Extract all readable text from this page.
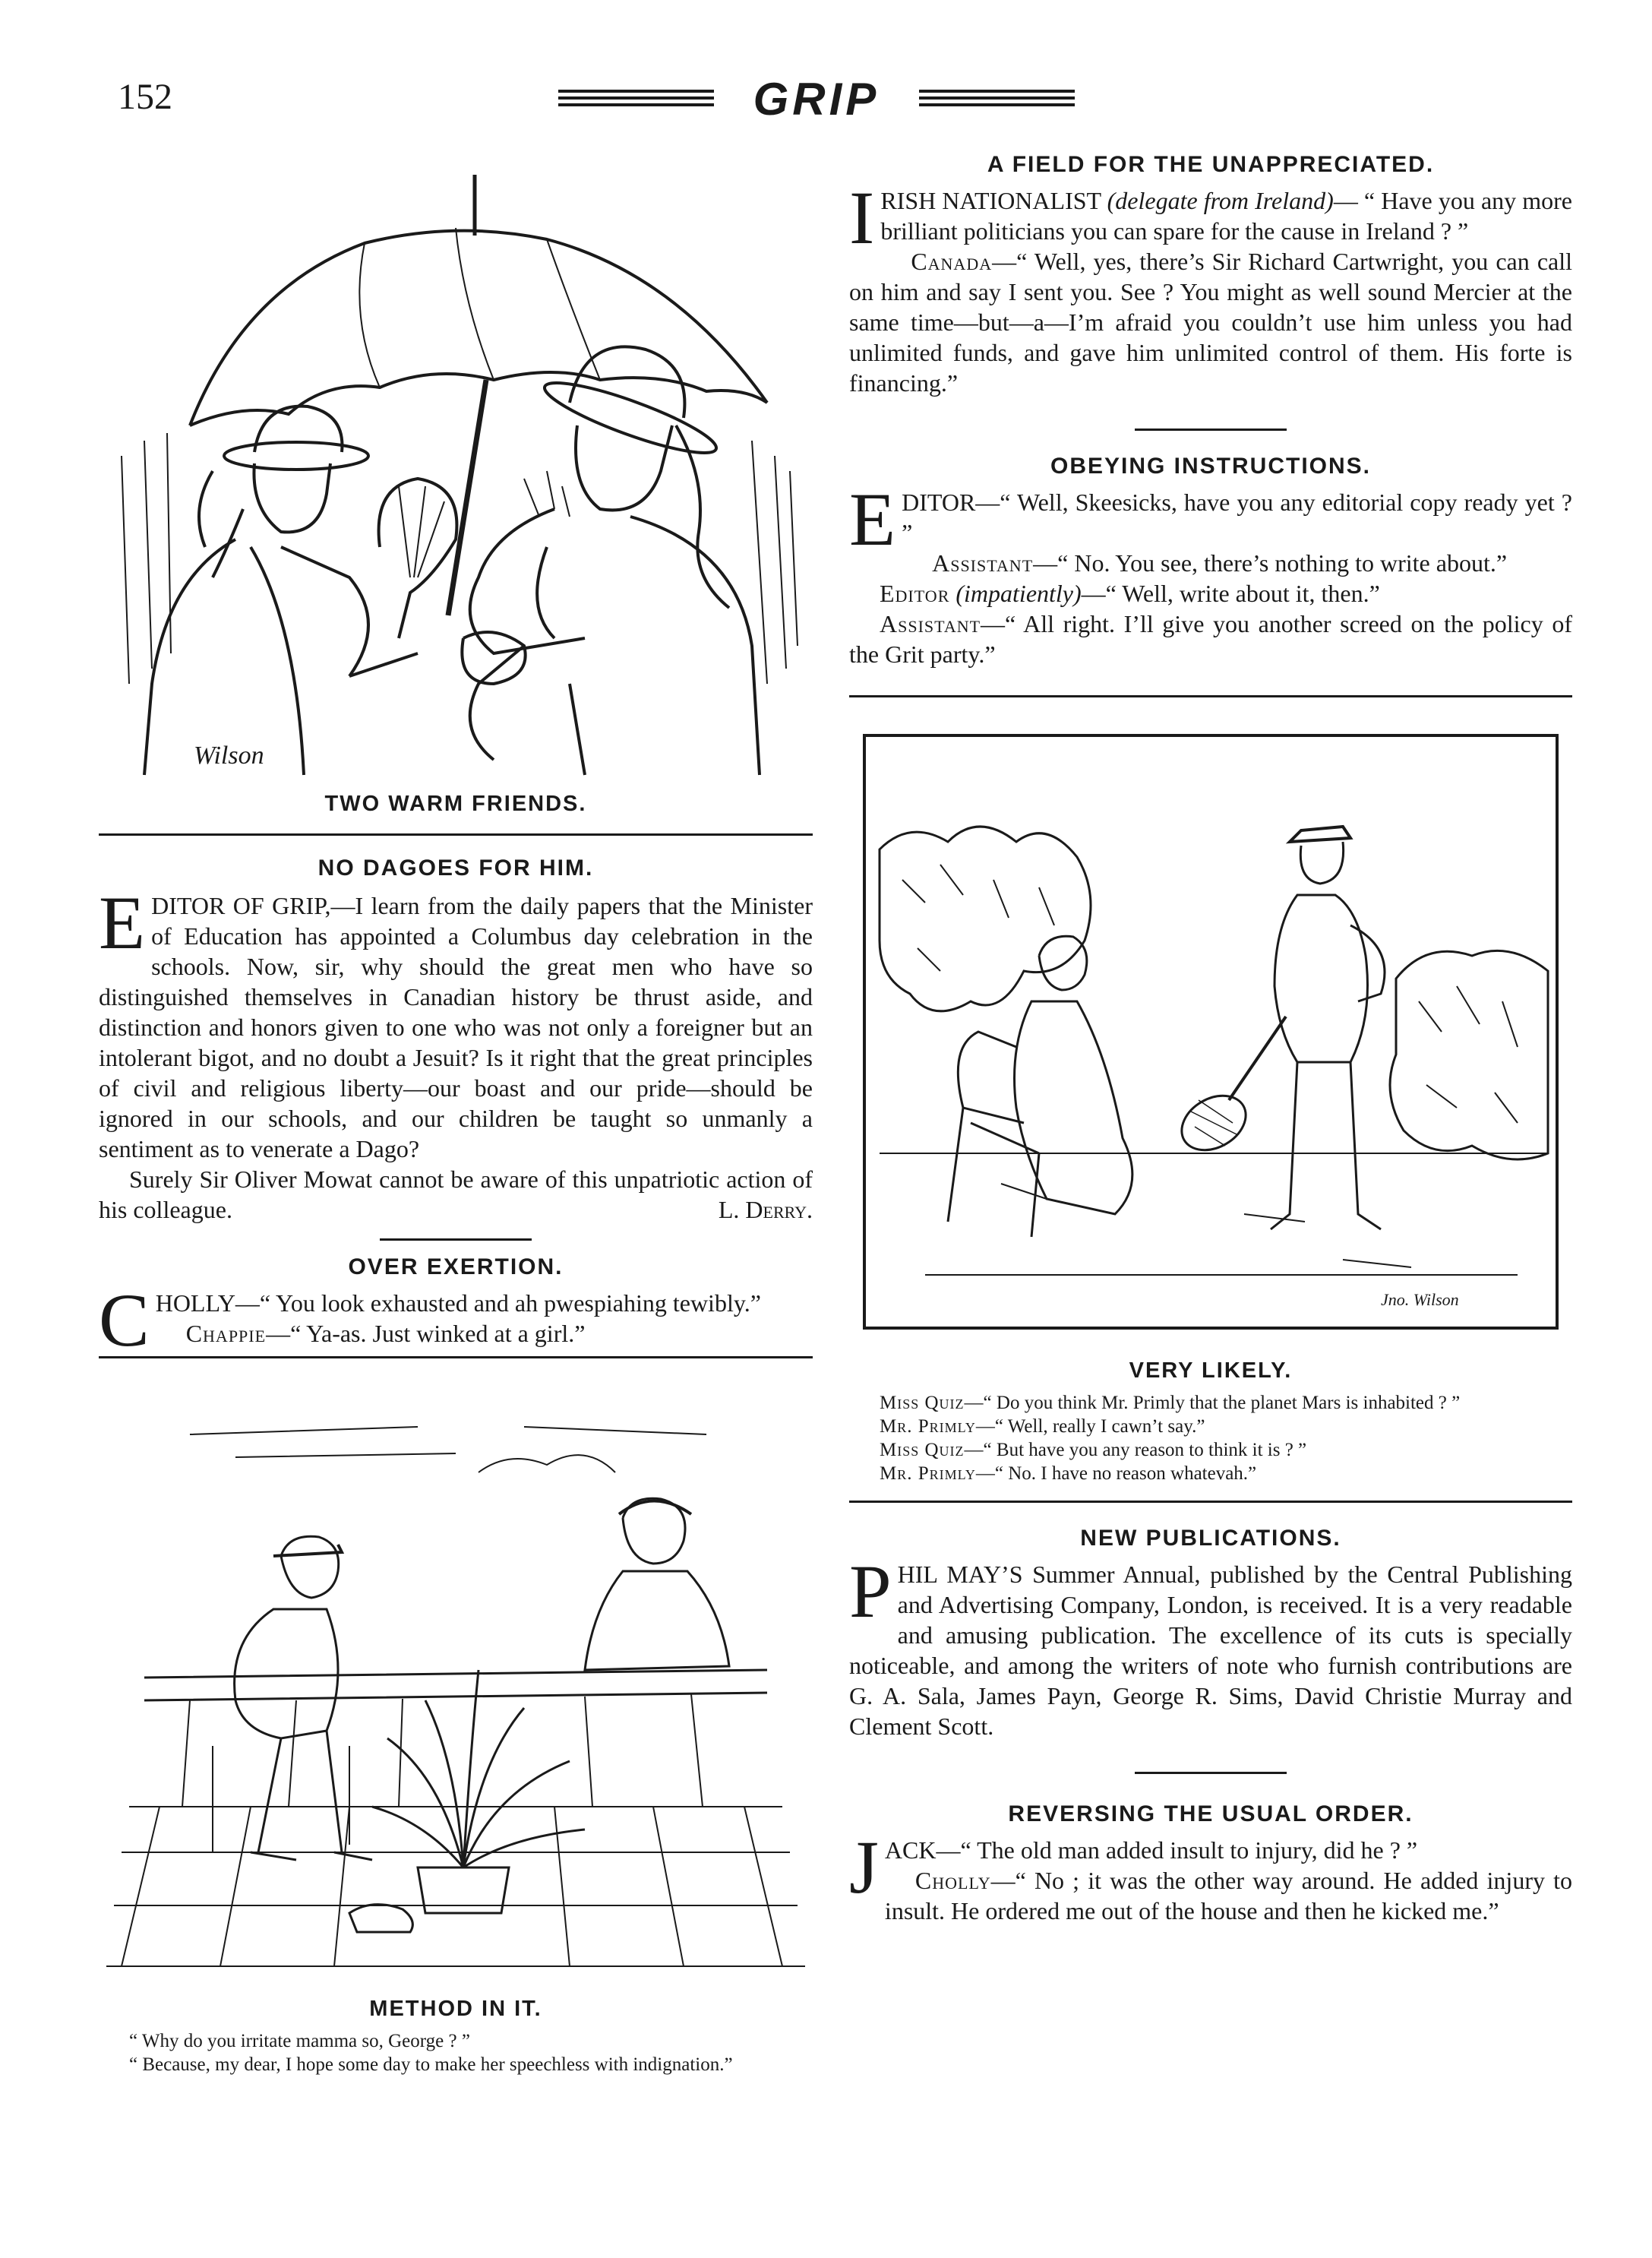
152	GRIP
Wilson
TWO WARM FRIENDS.
NO DAGOES FOR HIM.

EDITOR OF GRIP,—I learn from the daily papers that the Minister of Education has appointed a Columbus day celebration in the schools. Now, sir, why should the great men who have so distinguished themselves in Canadian history be thrust aside, and distinction and honors given to one who was not only a foreigner but an intolerant bigot, and no doubt a Jesuit? Is it right that the great principles of civil and religious liberty—our boast and our pride—should be ignored in our schools, and our children be taught so unmanly a sentiment as to venerate a Dago?

Surely Sir Oliver Mowat cannot be aware of this unpatriotic action of his colleague.	L. Derry.

OVER EXERTION.

CHOLLY—“ You look exhausted and ah pwespiahing tewibly.”

Chappie—“ Ya-as. Just winked at a girl.”

METHOD IN IT.

“ Why do you irritate mamma so, George ? ”

“ Because, my dear, I hope some day to make her speechless with indignation.”

A FIELD FOR THE UNAPPRECIATED.

IRISH NATIONALIST (delegate from Ireland)— “ Have you any more brilliant politicians you can spare for the cause in Ireland ? ”

Canada—“ Well, yes, there’s Sir Richard Cartwright, you can call on him and say I sent you. See ? You might as well sound Mercier at the same time—but—a—I’m afraid you couldn’t use him unless you had unlimited funds, and gave him unlimited control of them. His forte is financing.”

OBEYING INSTRUCTIONS.

EDITOR—“ Well, Skeesicks, have you any editorial copy ready yet ? ”

Assistant—“ No. You see, there’s nothing to write about.”

Editor (impatiently)—“ Well, write about it, then.”

Assistant—“ All right. I’ll give you another screed on the policy of the Grit party.”

Jno. Wilson
VERY LIKELY.

Miss Quiz—“ Do you think Mr. Primly that the planet Mars is inhabited ? ”

Mr. Primly—“ Well, really I cawn’t say.”

Miss Quiz—“ But have you any reason to think it is ? ”

Mr. Primly—“ No. I have no reason whatevah.”

NEW PUBLICATIONS.

PHIL MAY’S Summer Annual, published by the Central Publishing and Advertising Company, London, is received. It is a very readable and amusing publication. The excellence of its cuts is specially noticeable, and among the writers of note who furnish contributions are G. A. Sala, James Payn, George R. Sims, David Christie Murray and Clement Scott.

REVERSING THE USUAL ORDER.

JACK—“ The old man added insult to injury, did he ? ”

Cholly—“ No ; it was the other way around. He added injury to insult. He ordered me out of the house and then he kicked me.”
